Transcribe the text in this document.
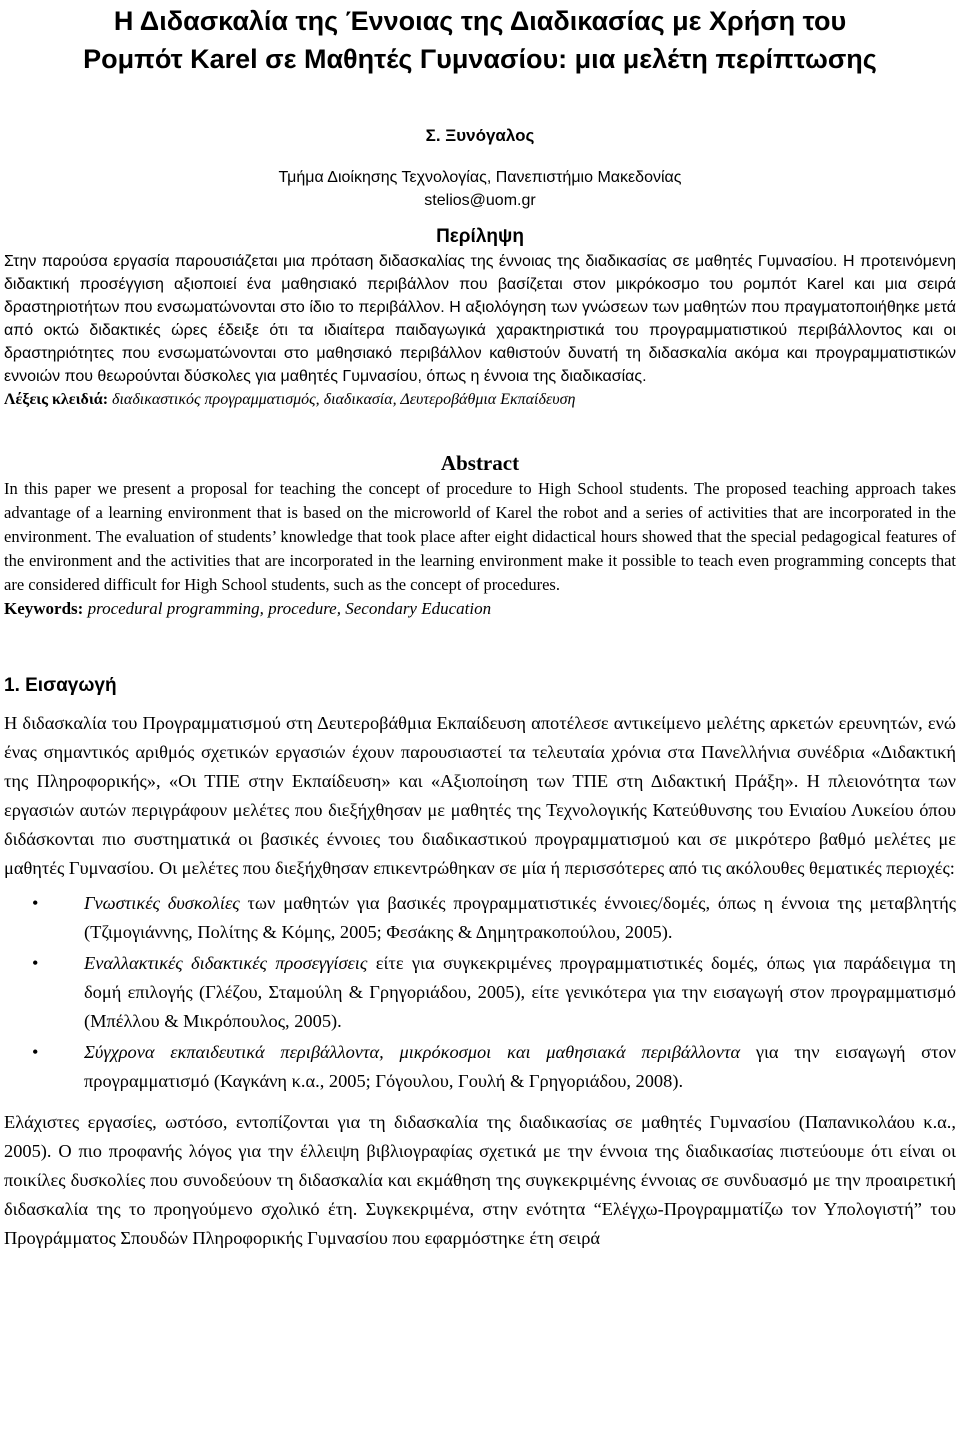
Η Διδασκαλία της Έννοιας της Διαδικασίας με Χρήση του
Ρομπότ Karel σε Μαθητές Γυμνασίου: μια μελέτη περίπτωσης
Σ. Ξυνόγαλος
Τμήμα Διοίκησης Τεχνολογίας, Πανεπιστήμιο Μακεδονίας
stelios@uom.gr
Περίληψη
Στην παρούσα εργασία παρουσιάζεται μια πρόταση διδασκαλίας της έννοιας της διαδικασίας σε μαθητές Γυμνασίου. Η προτεινόμενη διδακτική προσέγγιση αξιοποιεί ένα μαθησιακό περιβάλλον που βασίζεται στον μικρόκοσμο του ρομπότ Karel και μια σειρά δραστηριοτήτων που ενσωματώνονται στο ίδιο το περιβάλλον. Η αξιολόγηση των γνώσεων των μαθητών που πραγματοποιήθηκε μετά από οκτώ διδακτικές ώρες έδειξε ότι τα ιδιαίτερα παιδαγωγικά χαρακτηριστικά του προγραμματιστικού περιβάλλοντος και οι δραστηριότητες που ενσωματώνονται στο μαθησιακό περιβάλλον καθιστούν δυνατή τη διδασκαλία ακόμα και προγραμματιστικών εννοιών που θεωρούνται δύσκολες για μαθητές Γυμνασίου, όπως η έννοια της διαδικασίας.
Λέξεις κλειδιά: διαδικαστικός προγραμματισμός, διαδικασία, Δευτεροβάθμια Εκπαίδευση
Abstract
In this paper we present a proposal for teaching the concept of procedure to High School students. The proposed teaching approach takes advantage of a learning environment that is based on the microworld of Karel the robot and a series of activities that are incorporated in the environment. The evaluation of students’ knowledge that took place after eight didactical hours showed that the special pedagogical features of the environment and the activities that are incorporated in the learning environment make it possible to teach even programming concepts that are considered difficult for High School students, such as the concept of procedures.
Keywords: procedural programming, procedure, Secondary Education
1. Εισαγωγή
Η διδασκαλία του Προγραμματισμού στη Δευτεροβάθμια Εκπαίδευση αποτέλεσε αντικείμενο μελέτης αρκετών ερευνητών, ενώ ένας σημαντικός αριθμός σχετικών εργασιών έχουν παρουσιαστεί τα τελευταία χρόνια στα Πανελλήνια συνέδρια «Διδακτική της Πληροφορικής», «Οι ΤΠΕ στην Εκπαίδευση» και «Αξιοποίηση των ΤΠΕ στη Διδακτική Πράξη». Η πλειονότητα των εργασιών αυτών περιγράφουν μελέτες που διεξήχθησαν με μαθητές της Τεχνολογικής Κατεύθυνσης του Ενιαίου Λυκείου όπου διδάσκονται πιο συστηματικά οι βασικές έννοιες του διαδικαστικού προγραμματισμού και σε μικρότερο βαθμό μελέτες με μαθητές Γυμνασίου. Οι μελέτες που διεξήχθησαν επικεντρώθηκαν σε μία ή περισσότερες από τις ακόλουθες θεματικές περιοχές:
• Γνωστικές δυσκολίες των μαθητών για βασικές προγραμματιστικές έννοιες/δομές, όπως η έννοια της μεταβλητής (Τζιμογιάννης, Πολίτης & Κόμης, 2005; Φεσάκης & Δημητρακοπούλου, 2005).
• Εναλλακτικές διδακτικές προσεγγίσεις είτε για συγκεκριμένες προγραμματιστικές δομές, όπως για παράδειγμα τη δομή επιλογής (Γλέζου, Σταμούλη & Γρηγοριάδου, 2005), είτε γενικότερα για την εισαγωγή στον προγραμματισμό (Μπέλλου & Μικρόπουλος, 2005).
• Σύγχρονα εκπαιδευτικά περιβάλλοντα, μικρόκοσμοι και μαθησιακά περιβάλλοντα για την εισαγωγή στον προγραμματισμό (Καγκάνη κ.α., 2005; Γόγουλου, Γουλή & Γρηγοριάδου, 2008).
Ελάχιστες εργασίες, ωστόσο, εντοπίζονται για τη διδασκαλία της διαδικασίας σε μαθητές Γυμνασίου (Παπανικολάου κ.α., 2005). Ο πιο προφανής λόγος για την έλλειψη βιβλιογραφίας σχετικά με την έννοια της διαδικασίας πιστεύουμε ότι είναι οι ποικίλες δυσκολίες που συνοδεύουν τη διδασκαλία και εκμάθηση της συγκεκριμένης έννοιας σε συνδυασμό με την προαιρετική διδασκαλία της το προηγούμενο σχολικό έτη. Συγκεκριμένα, στην ενότητα “Ελέγχω-Προγραμματίζω τον Υπολογιστή” του Προγράμματος Σπουδών Πληροφορικής Γυμνασίου που εφαρμόστηκε έτη σειρά
